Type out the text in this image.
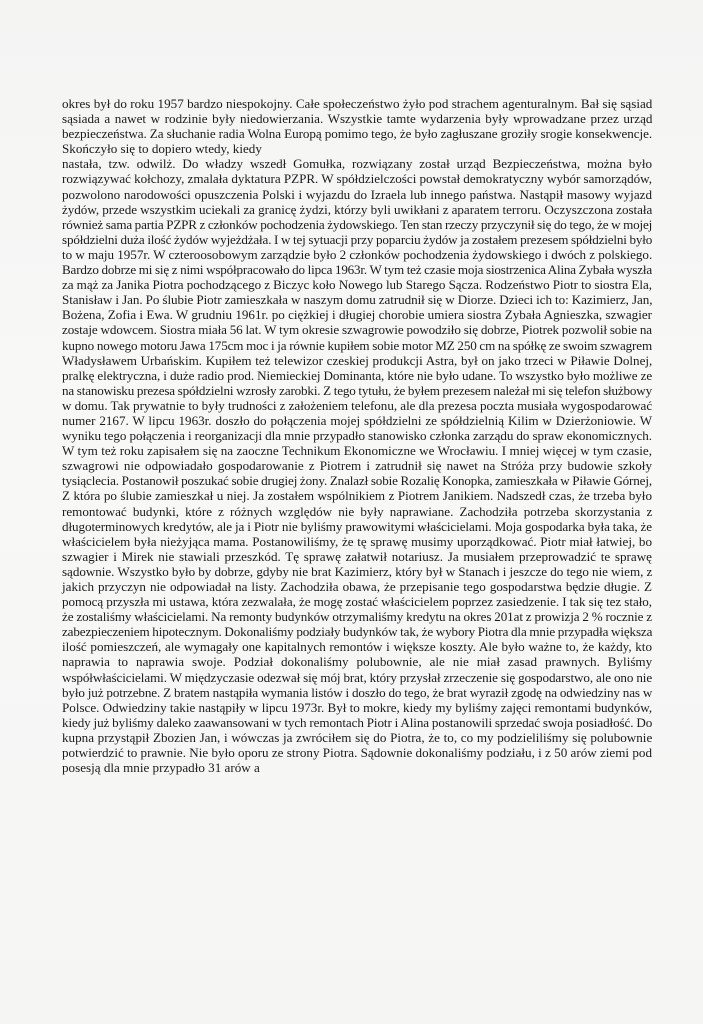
okres był do roku 1957 bardzo niespokojny. Całe społeczeństwo żyło pod strachem agenturalnym. Bał się sąsiad
sąsiada a nawet w rodzinie były niedowierzania. Wszystkie tamte wydarzenia były wprowadzane przez urząd
bezpieczeństwa. Za słuchanie radia Wolna Europą pomimo tego, że było zagłuszane groziły srogie konsekwencje.
Skończyło się to dopiero wtedy, kiedy
nastała, tzw. odwilż. Do władzy wszedł Gomułka, rozwiązany został urząd Bezpieczeństwa, można było
rozwiązywać kołchozy, zmalała dyktatura PZPR. W spółdzielczości powstał demokratyczny wybór samorządów,
pozwolono narodowości opuszczenia Polski i wyjazdu do Izraela lub innego państwa. Nastąpił masowy wyjazd
żydów, przede wszystkim uciekali za granicę żydzi, którzy byli uwikłani z aparatem terroru. Oczyszczona została
również sama partia PZPR z członków pochodzenia żydowskiego. Ten stan rzeczy przyczynił się do tego, że w mojej
spółdzielni duża ilość żydów wyjeżdżała. I w tej sytuacji przy poparciu żydów ja zostałem prezesem spółdzielni było
to w maju 1957r. W czteroosobowym zarządzie było 2 członków pochodzenia żydowskiego i dwóch z polskiego.
Bardzo dobrze mi się z nimi współpracowało do lipca 1963r. W tym też czasie moja siostrzenica Alina Zybała wyszła
za mąż za Janika Piotra pochodzącego z Biczyc koło Nowego lub Starego Sącza. Rodzeństwo Piotr to siostra Ela,
Stanisław i Jan. Po ślubie Piotr zamieszkała w naszym domu zatrudnił się w Diorze. Dzieci ich to: Kazimierz, Jan,
Bożena, Zofia i Ewa. W grudniu 1961r. po ciężkiej i długiej chorobie umiera siostra Zybała Agnieszka, szwagier
zostaje wdowcem. Siostra miała 56 lat. W tym okresie szwagrowie powodziło się dobrze, Piotrek pozwolił sobie na
kupno nowego motoru Jawa 175cm moc i ja równie kupiłem sobie motor MZ 250 cm na spółkę ze swoim szwagrem
Władysławem Urbańskim. Kupiłem też telewizor czeskiej produkcji Astra, był on jako trzeci w Piławie Dolnej,
pralkę elektryczna, i duże radio prod. Niemieckiej Dominanta, które nie było udane. To wszystko było możliwe ze
na stanowisku prezesa spółdzielni wzrosły zarobki. Z tego tytułu, że byłem prezesem należał mi się telefon służbowy
w domu. Tak prywatnie to były trudności z założeniem telefonu, ale dla prezesa poczta musiała wygospodarować
numer 2167. W lipcu 1963r. doszło do połączenia mojej spółdzielni ze spółdzielnią Kilim w Dzierżoniowie. W
wyniku tego połączenia i reorganizacji dla mnie przypadło stanowisko członka zarządu do spraw ekonomicznych.
W tym też roku zapisałem się na zaoczne Technikum Ekonomiczne we Wrocławiu. I mniej więcej w tym czasie,
szwagrowi nie odpowiadało gospodarowanie z Piotrem i zatrudnił się nawet na Stróża przy budowie szkoły
tysiąclecia. Postanowił poszukać sobie drugiej żony. Znalazł sobie Rozalię Konopka, zamieszkała w Piławie Górnej,
Z która po ślubie zamieszkał u niej. Ja zostałem wspólnikiem z Piotrem Janikiem. Nadszedł czas, że trzeba było
remontować budynki, które z różnych względów nie były naprawiane. Zachodziła potrzeba skorzystania z
długoterminowych kredytów, ale ja i Piotr nie byliśmy prawowitymi właścicielami. Moja gospodarka była taka, że
właścicielem była nieżyjąca mama. Postanowiliśmy, że tę sprawę musimy uporządkować. Piotr miał łatwiej, bo
szwagier i Mirek nie stawiali przeszkód. Tę sprawę załatwił notariusz. Ja musiałem przeprowadzić te sprawę
sądownie. Wszystko było by dobrze, gdyby nie brat Kazimierz, który był w Stanach i jeszcze do tego nie wiem, z
jakich przyczyn nie odpowiadał na listy. Zachodziła obawa, że przepisanie tego gospodarstwa będzie długie. Z
pomocą przyszła mi ustawa, która zezwalała, że mogę zostać właścicielem poprzez zasiedzenie. I tak się tez stało,
że zostaliśmy właścicielami. Na remonty budynków otrzymaliśmy kredytu na okres 201at z prowizja 2 % rocznie z
zabezpieczeniem hipotecznym. Dokonaliśmy podziały budynków tak, że wybory Piotra dla mnie przypadła większa
ilość pomieszczeń, ale wymagały one kapitalnych remontów i większe koszty. Ale było ważne to, że każdy, kto
naprawia to naprawia swoje. Podział dokonaliśmy polubownie, ale nie miał zasad prawnych. Byliśmy
współwłaścicielami. W międzyczasie odezwał się mój brat, który przysłał zrzeczenie się gospodarstwo, ale ono nie
było już potrzebne. Z bratem nastąpiła wymania listów i doszło do tego, że brat wyraził zgodę na odwiedziny nas w
Polsce. Odwiedziny takie nastąpiły w lipcu 1973r. Był to mokre, kiedy my byliśmy zajęci remontami budynków,
kiedy już byliśmy daleko zaawansowani w tych remontach Piotr i Alina postanowili sprzedać swoja posiadłość. Do
kupna przystąpił Zbozien Jan, i wówczas ja zwróciłem się do Piotra, że to, co my podzieliliśmy się polubownie
potwierdzić to prawnie. Nie było oporu ze strony Piotra. Sądownie dokonaliśmy podziału, i z 50 arów ziemi pod
posesją dla mnie przypadło 31 arów a
